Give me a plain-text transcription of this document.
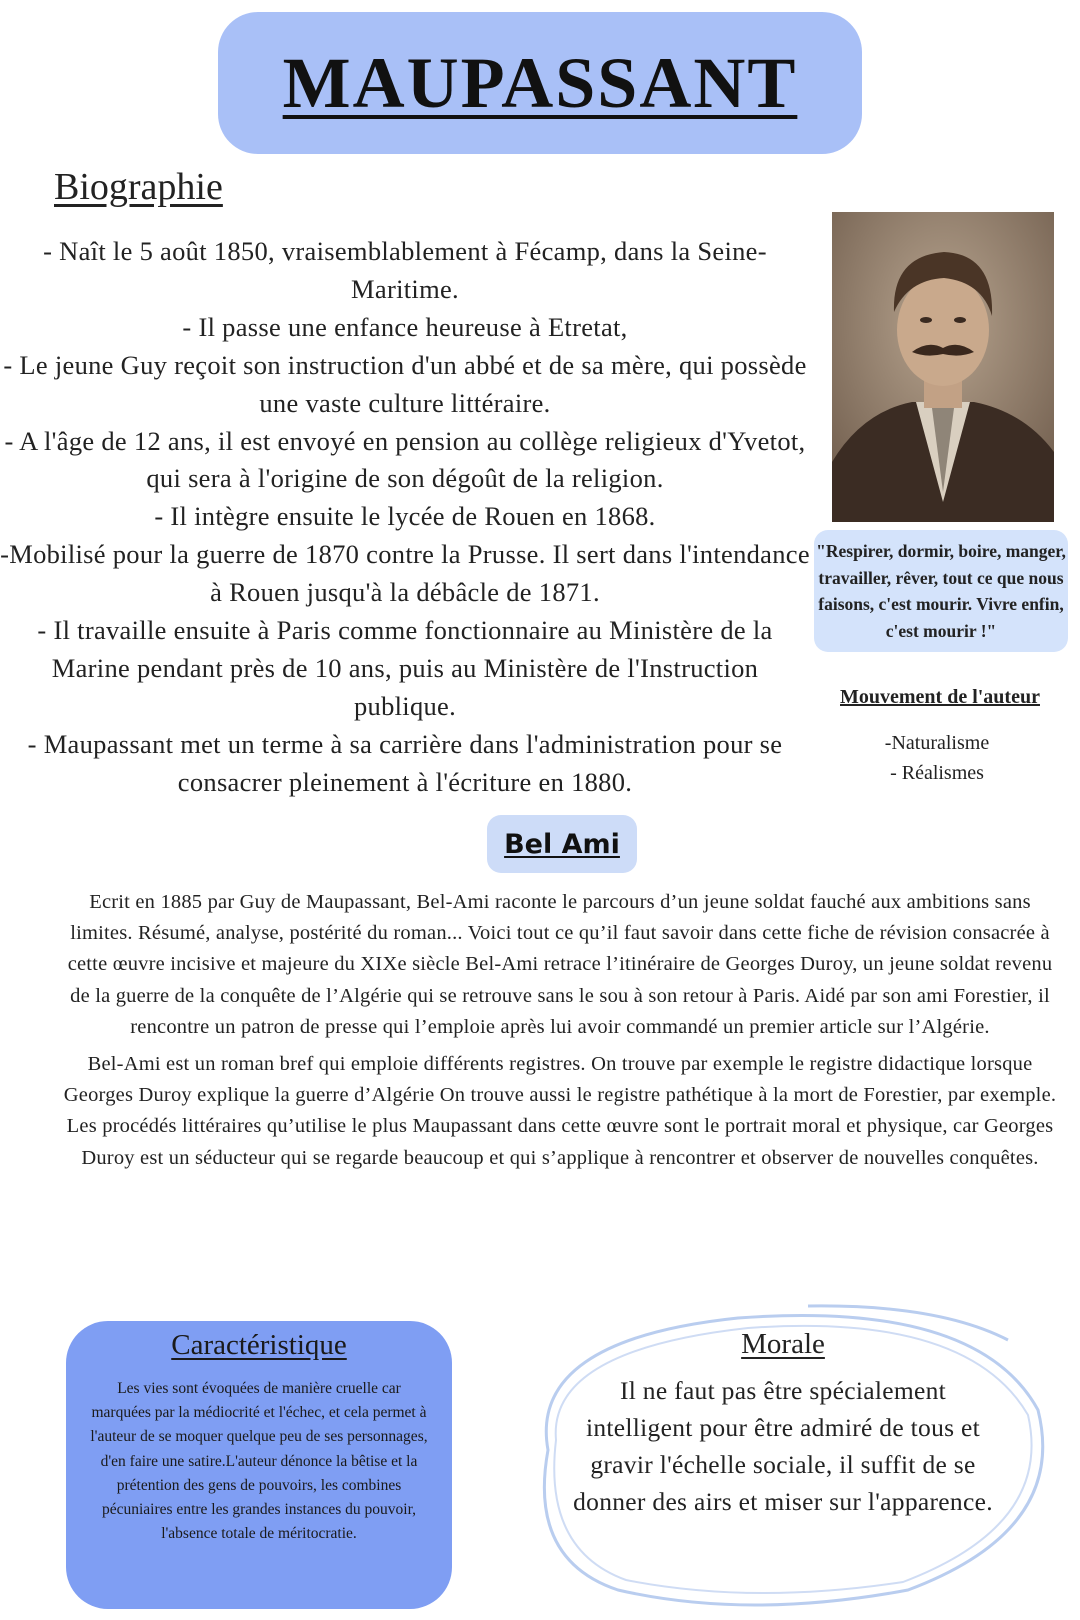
MAUPASSANT
Biographie

- Naît le 5 août 1850, vraisemblablement à Fécamp, dans la Seine-Maritime.

- Il passe une enfance heureuse à Etretat,

- Le jeune Guy reçoit son instruction d'un abbé et de sa mère, qui possède une vaste culture littéraire.

- A l'âge de 12 ans, il est envoyé en pension au collège religieux d'Yvetot, qui sera à l'origine de son dégoût de la religion.

- Il intègre ensuite le lycée de Rouen en 1868.

-Mobilisé pour la guerre de 1870 contre la Prusse. Il sert dans l'intendance à Rouen jusqu'à la débâcle de 1871.

- Il travaille ensuite à Paris comme fonctionnaire au Ministère de la Marine pendant près de 10 ans, puis au Ministère de l'Instruction publique.

- Maupassant met un terme à sa carrière dans l'administration pour se consacrer pleinement à l'écriture en 1880.

"Respirer, dormir, boire, manger, travailler, rêver, tout ce que nous faisons, c'est mourir. Vivre enfin, c'est mourir !"
Mouvement de l'auteur
-Naturalisme
- Réalismes
Bel Ami

Ecrit en 1885 par Guy de Maupassant, Bel-Ami raconte le parcours d’un jeune soldat fauché aux ambitions sans limites. Résumé, analyse, postérité du roman... Voici tout ce qu’il faut savoir dans cette fiche de révision consacrée à cette œuvre incisive et majeure du XIXe siècle Bel-Ami retrace l’itinéraire de Georges Duroy, un jeune soldat revenu de la guerre de la conquête de l’Algérie qui se retrouve sans le sou à son retour à Paris. Aidé par son ami Forestier, il rencontre un patron de presse qui l’emploie après lui avoir commandé un premier article sur l’Algérie.

Bel-Ami est un roman bref qui emploie différents registres. On trouve par exemple le registre didactique lorsque Georges Duroy explique la guerre d’Algérie On trouve aussi le registre pathétique à la mort de Forestier, par exemple. Les procédés littéraires qu’utilise le plus Maupassant dans cette œuvre sont le portrait moral et physique, car Georges Duroy est un séducteur qui se regarde beaucoup et qui s’applique à rencontrer et observer de nouvelles conquêtes.

Caractéristique
Les vies sont évoquées de manière cruelle car marquées par la médiocrité et l'échec, et cela permet à l'auteur de se moquer quelque peu de ses personnages, d'en faire une satire.L'auteur dénonce la bêtise et la prétention des gens de pouvoirs, les combines pécuniaires entre les grandes instances du pouvoir, l'absence totale de méritocratie.
Morale
Il ne faut pas être spécialement intelligent pour être admiré de tous et gravir l'échelle sociale, il suffit de se donner des airs et miser sur l'apparence.
